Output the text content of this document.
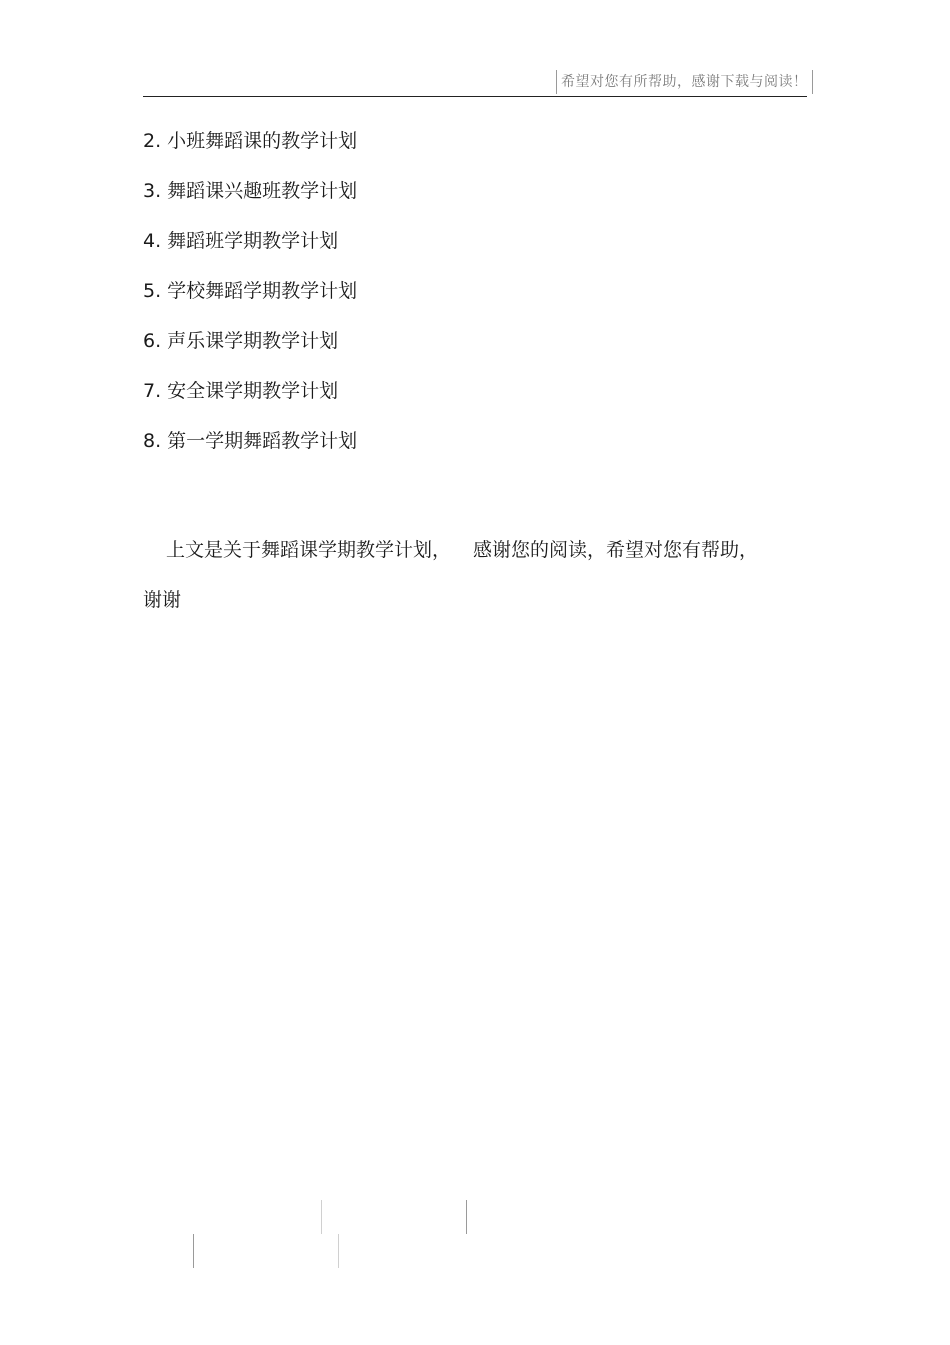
希望对您有所帮助，感谢下载与阅读！
2. 小班舞蹈课的教学计划
3. 舞蹈课兴趣班教学计划
4. 舞蹈班学期教学计划
5. 学校舞蹈学期教学计划
6. 声乐课学期教学计划
7. 安全课学期教学计划
8. 第一学期舞蹈教学计划
上文是关于舞蹈课学期教学计划， 感谢您的阅读，希望对您有帮助，
谢谢
